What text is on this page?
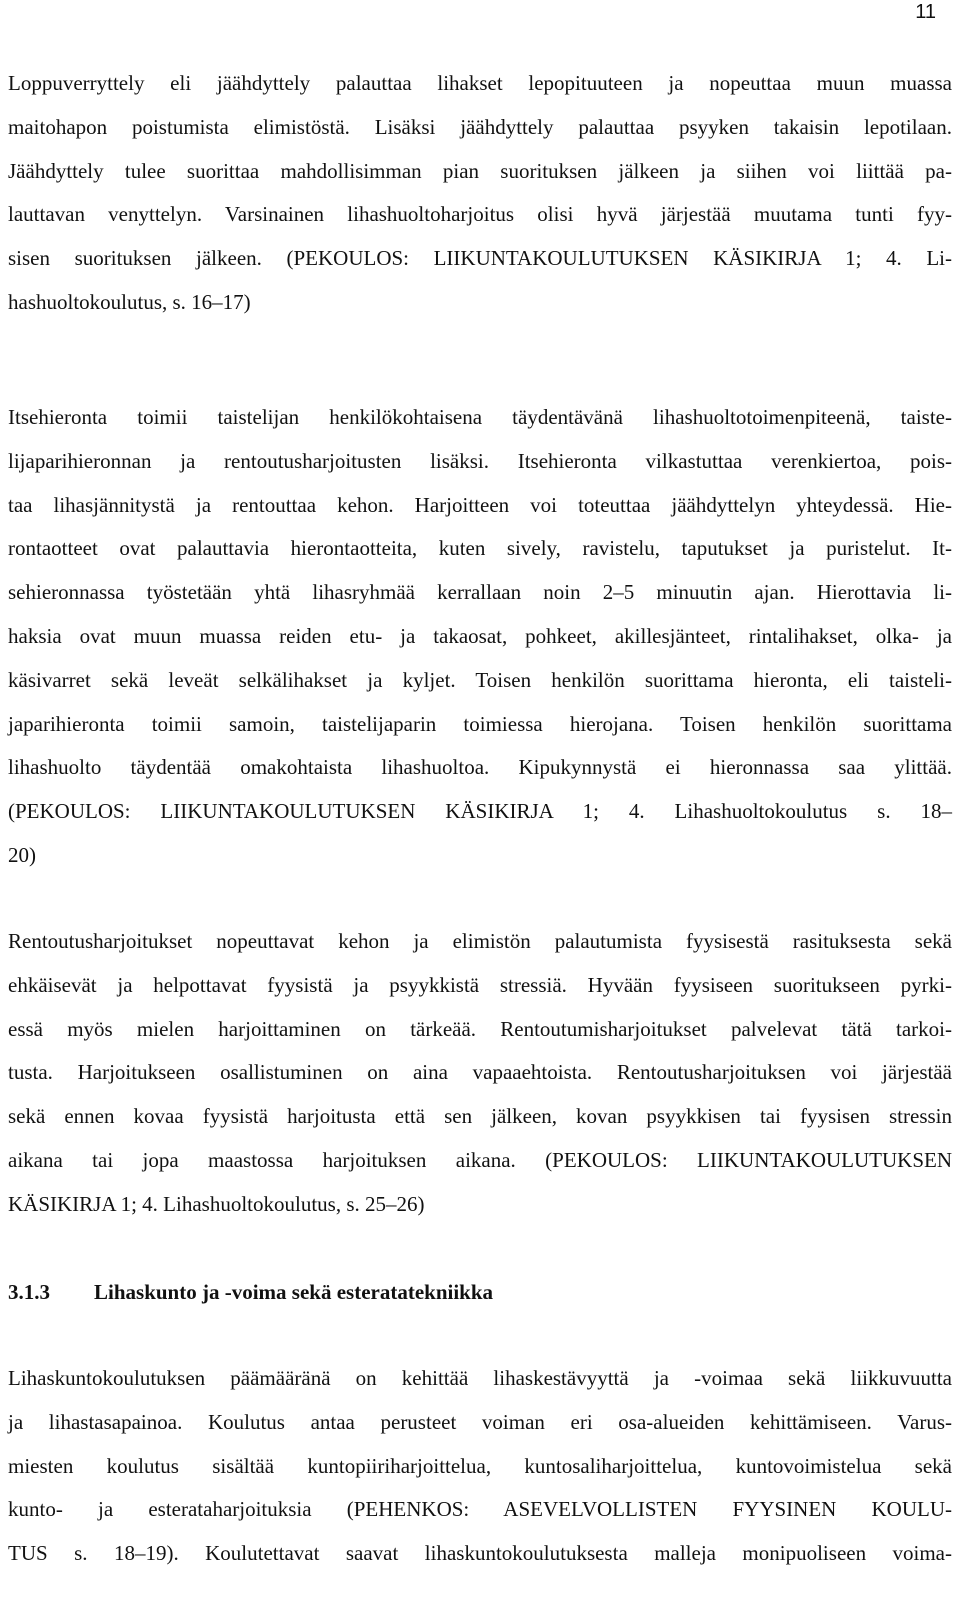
11
Loppuverryttely eli jäähdyttely palauttaa lihakset lepopituuteen ja nopeuttaa muun muassa
maitohapon poistumista elimistöstä. Lisäksi jäähdyttely palauttaa psyyken takaisin lepotilaan.
Jäähdyttely tulee suorittaa mahdollisimman pian suorituksen jälkeen ja siihen voi liittää pa-
lauttavan venyttelyn. Varsinainen lihashuoltoharjoitus olisi hyvä järjestää muutama tunti fyy-
sisen suorituksen jälkeen. (PEKOULOS: LIIKUNTAKOULUTUKSEN KÄSIKIRJA 1; 4. Li-
hashuoltokoulutus, s. 16–17)
Itsehieronta toimii taistelijan henkilökohtaisena täydentävänä lihashuoltotoimenpiteenä, taiste-
lijaparihieronnan ja rentoutusharjoitusten lisäksi. Itsehieronta vilkastuttaa verenkiertoa, pois-
taa lihasjännitystä ja rentouttaa kehon. Harjoitteen voi toteuttaa jäähdyttelyn yhteydessä. Hie-
rontaotteet ovat palauttavia hierontaotteita, kuten sively, ravistelu, taputukset ja puristelut. It-
sehieronnassa työstetään yhtä lihasryhmää kerrallaan noin 2–5 minuutin ajan. Hierottavia li-
haksia ovat muun muassa reiden etu- ja takaosat, pohkeet, akillesjänteet, rintalihakset, olka- ja
käsivarret sekä leveät selkälihakset ja kyljet. Toisen henkilön suorittama hieronta, eli taisteli-
japarihieronta toimii samoin, taistelijaparin toimiessa hierojana. Toisen henkilön suorittama
lihashuolto täydentää omakohtaista lihashuoltoa. Kipukynnystä ei hieronnassa saa ylittää.
(PEKOULOS: LIIKUNTAKOULUTUKSEN KÄSIKIRJA 1; 4. Lihashuoltokoulutus s. 18–
20)
Rentoutusharjoitukset nopeuttavat kehon ja elimistön palautumista fyysisestä rasituksesta sekä
ehkäisevät ja helpottavat fyysistä ja psyykkistä stressiä. Hyvään fyysiseen suoritukseen pyrki-
essä myös mielen harjoittaminen on tärkeää. Rentoutumisharjoitukset palvelevat tätä tarkoi-
tusta. Harjoitukseen osallistuminen on aina vapaaehtoista. Rentoutusharjoituksen voi järjestää
sekä ennen kovaa fyysistä harjoitusta että sen jälkeen, kovan psyykkisen tai fyysisen stressin
aikana tai jopa maastossa harjoituksen aikana. (PEKOULOS: LIIKUNTAKOULUTUKSEN
KÄSIKIRJA 1; 4. Lihashuoltokoulutus, s. 25–26)
3.1.3 Lihaskunto ja -voima sekä esteratatekniikka
Lihaskuntokoulutuksen päämääränä on kehittää lihaskestävyyttä ja -voimaa sekä liikkuvuutta
ja lihastasapainoa. Koulutus antaa perusteet voiman eri osa-alueiden kehittämiseen. Varus-
miesten koulutus sisältää kuntopiiriharjoittelua, kuntosaliharjoittelua, kuntovoimistelua sekä
kunto- ja esterataharjoituksia (PEHENKOS: ASEVELVOLLISTEN FYYSINEN KOULU-
TUS s. 18–19). Koulutettavat saavat lihaskuntokoulutuksesta malleja monipuoliseen voima-
